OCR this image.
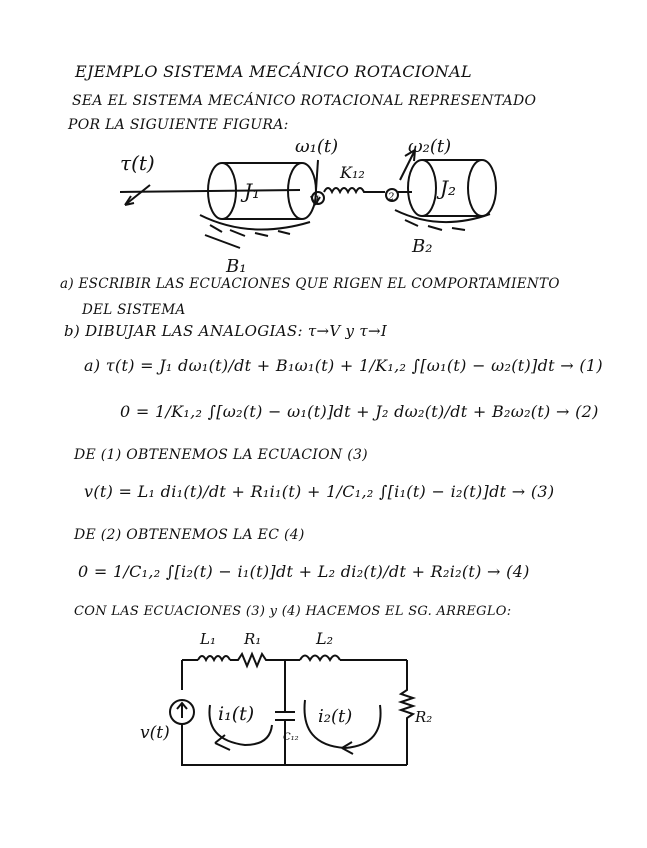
EJEMPLO SISTEMA MECÁNICO ROTACIONAL
SEA EL SISTEMA MECÁNICO ROTACIONAL REPRESENTADO
POR LA SIGUIENTE FIGURA:
τ(t)
ω₁(t)	ω₂(t)
K₁₂
J₁	J₂
B₁
B₂
1	2
a) ESCRIBIR LAS ECUACIONES QUE RIGEN EL COMPORTAMIENTO
DEL SISTEMA
b) DIBUJAR LAS ANALOGIAS: τ→V y τ→I
a) τ(t) = J₁ dω₁(t)/dt + B₁ω₁(t) + 1/K₁,₂ ∫[ω₁(t) − ω₂(t)]dt → (1)
0 = 1/K₁,₂ ∫[ω₂(t) − ω₁(t)]dt + J₂ dω₂(t)/dt + B₂ω₂(t) → (2)
DE (1) OBTENEMOS LA ECUACION (3)
v(t) = L₁ di₁(t)/dt + R₁i₁(t) + 1/C₁,₂ ∫[i₁(t) − i₂(t)]dt → (3)
DE (2) OBTENEMOS LA EC (4)
0 = 1/C₁,₂ ∫[i₂(t) − i₁(t)]dt + L₂ di₂(t)/dt + R₂i₂(t) → (4)
CON LAS ECUACIONES (3) y (4) HACEMOS EL SG. ARREGLO:
L₁ R₁	L₂
R₂
C₁₂
v(t)
i₁(t)	i₂(t)
